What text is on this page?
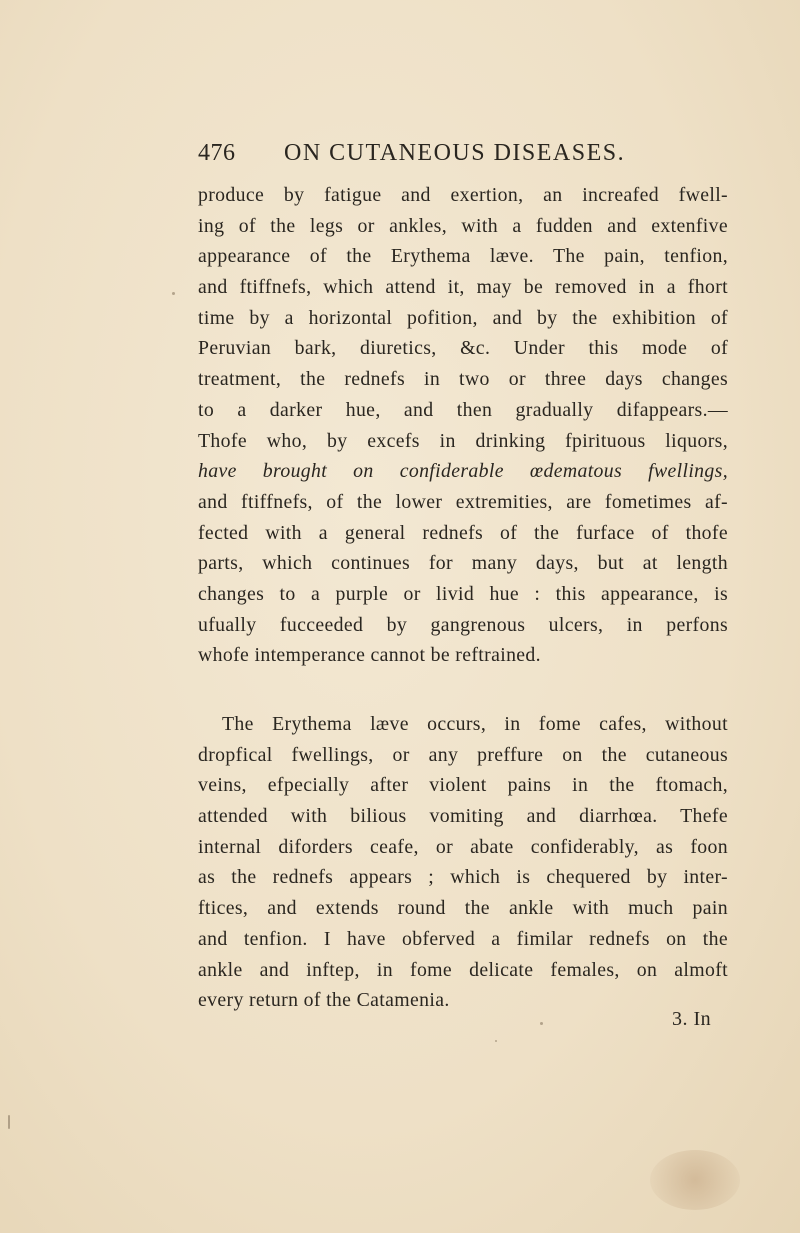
476 ON CUTANEOUS DISEASES.
produce by fatigue and exertion, an increafed fwell-
ing of the legs or ankles, with a fudden and extenfive
appearance of the Erythema læve. The pain, tenfion,
and ftiffnefs, which attend it, may be removed in a fhort
time by a horizontal pofition, and by the exhibition of
Peruvian bark, diuretics, &c. Under this mode of
treatment, the rednefs in two or three days changes
to a darker hue, and then gradually difappears.—
Thofe who, by excefs in drinking fpirituous liquors,
have brought on confiderable œdematous fwellings,
and ftiffnefs, of the lower extremities, are fometimes af-
fected with a general rednefs of the furface of thofe
parts, which continues for many days, but at length
changes to a purple or livid hue : this appearance, is
ufually fucceeded by gangrenous ulcers, in perfons
whofe intemperance cannot be reftrained.
The Erythema læve occurs, in fome cafes, without
dropfical fwellings, or any preffure on the cutaneous
veins, efpecially after violent pains in the ftomach,
attended with bilious vomiting and diarrhœa. Thefe
internal diforders ceafe, or abate confiderably, as foon
as the rednefs appears ; which is chequered by inter-
ftices, and extends round the ankle with much pain
and tenfion. I have obferved a fimilar rednefs on the
ankle and inftep, in fome delicate females, on almoft
every return of the Catamenia.
3. In
